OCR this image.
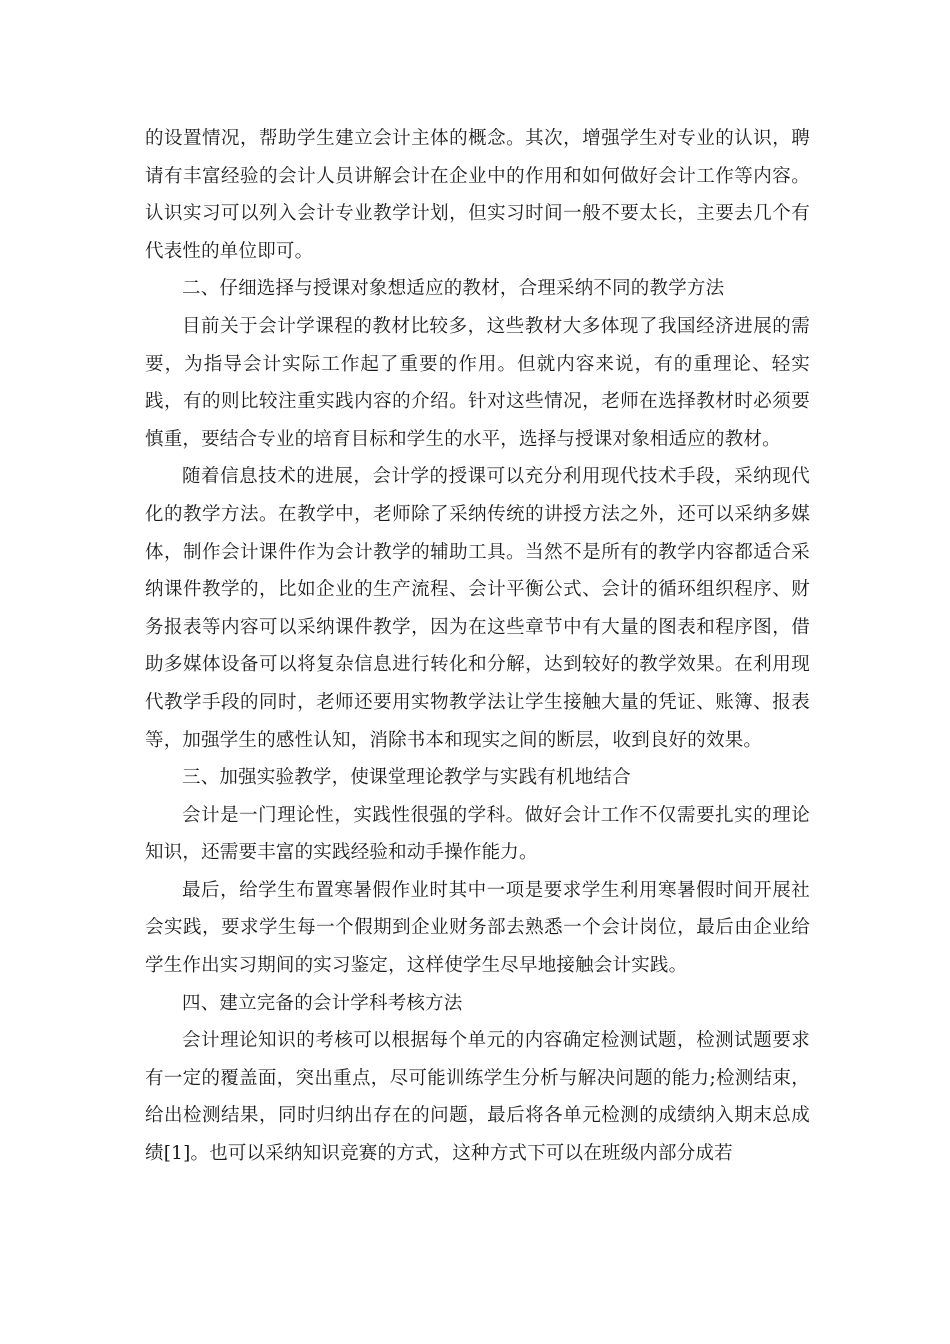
的设置情况，帮助学生建立会计主体的概念。其次，增强学生对专业的认识，聘请有丰富经验的会计人员讲解会计在企业中的作用和如何做好会计工作等内容。认识实习可以列入会计专业教学计划，但实习时间一般不要太长，主要去几个有代表性的单位即可。

二、仔细选择与授课对象想适应的教材，合理采纳不同的教学方法

目前关于会计学课程的教材比较多，这些教材大多体现了我国经济进展的需要，为指导会计实际工作起了重要的作用。但就内容来说，有的重理论、轻实践，有的则比较注重实践内容的介绍。针对这些情况，老师在选择教材时必须要慎重，要结合专业的培育目标和学生的水平，选择与授课对象相适应的教材。

随着信息技术的进展，会计学的授课可以充分利用现代技术手段，采纳现代化的教学方法。在教学中，老师除了采纳传统的讲授方法之外，还可以采纳多媒体，制作会计课件作为会计教学的辅助工具。当然不是所有的教学内容都适合采纳课件教学的，比如企业的生产流程、会计平衡公式、会计的循环组织程序、财务报表等内容可以采纳课件教学，因为在这些章节中有大量的图表和程序图，借助多媒体设备可以将复杂信息进行转化和分解，达到较好的教学效果。在利用现代教学手段的同时，老师还要用实物教学法让学生接触大量的凭证、账簿、报表等，加强学生的感性认知，消除书本和现实之间的断层，收到良好的效果。

三、加强实验教学，使课堂理论教学与实践有机地结合

会计是一门理论性，实践性很强的学科。做好会计工作不仅需要扎实的理论知识，还需要丰富的实践经验和动手操作能力。

最后，给学生布置寒暑假作业时其中一项是要求学生利用寒暑假时间开展社会实践，要求学生每一个假期到企业财务部去熟悉一个会计岗位，最后由企业给学生作出实习期间的实习鉴定，这样使学生尽早地接触会计实践。

四、建立完备的会计学科考核方法

会计理论知识的考核可以根据每个单元的内容确定检测试题，检测试题要求有一定的覆盖面，突出重点，尽可能训练学生分析与解决问题的能力;检测结束，给出检测结果，同时归纳出存在的问题，最后将各单元检测的成绩纳入期末总成绩[1]。也可以采纳知识竞赛的方式，这种方式下可以在班级内部分成若
